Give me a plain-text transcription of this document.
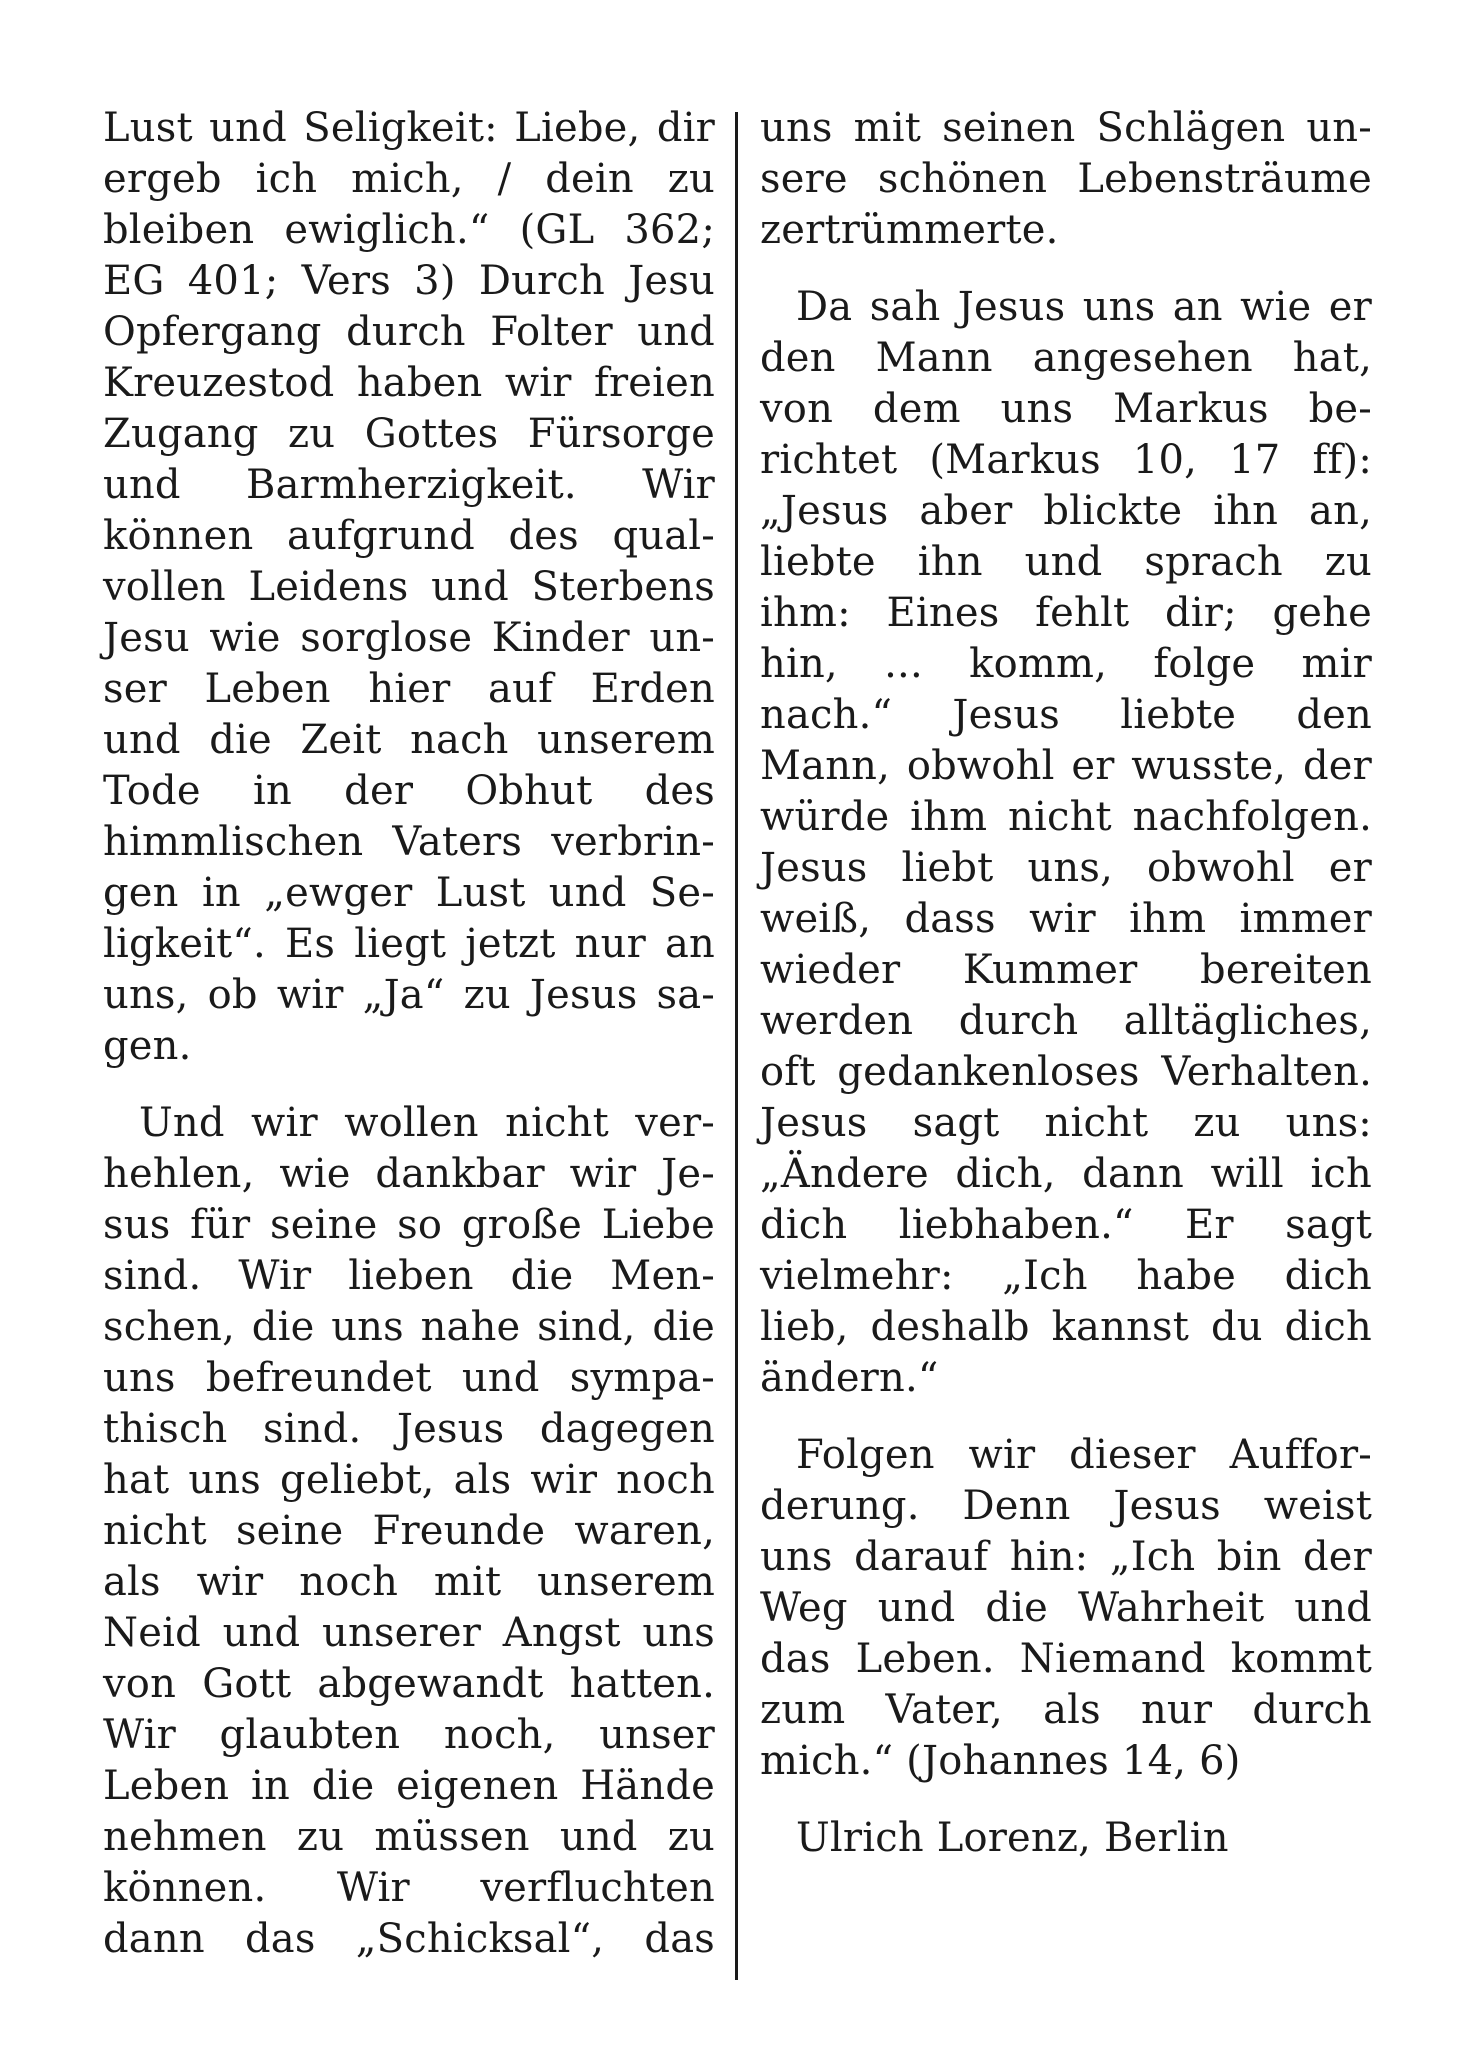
Lust und Seligkeit: Liebe, dir
ergeb ich mich, / dein zu
bleiben ewiglich.“ (GL 362;
EG 401; Vers 3) Durch Jesu
Opfergang durch Folter und
Kreuzestod haben wir freien
Zugang zu Gottes Fürsorge
und Barmherzigkeit. Wir
können aufgrund des qual-
vollen Leidens und Sterbens
Jesu wie sorglose Kinder un-
ser Leben hier auf Erden
und die Zeit nach unserem
Tode in der Obhut des
himmlischen Vaters verbrin-
gen in „ewger Lust und Se-
ligkeit“. Es liegt jetzt nur an
uns, ob wir „Ja“ zu Jesus sa-
gen.
Und wir wollen nicht ver-
hehlen, wie dankbar wir Je-
sus für seine so große Liebe
sind. Wir lieben die Men-
schen, die uns nahe sind, die
uns befreundet und sympa-
thisch sind. Jesus dagegen
hat uns geliebt, als wir noch
nicht seine Freunde waren,
als wir noch mit unserem
Neid und unserer Angst uns
von Gott abgewandt hatten.
Wir glaubten noch, unser
Leben in die eigenen Hände
nehmen zu müssen und zu
können. Wir verfluchten
dann das „Schicksal“, das
uns mit seinen Schlägen un-
sere schönen Lebensträume
zertrümmerte.
Da sah Jesus uns an wie er
den Mann angesehen hat,
von dem uns Markus be-
richtet (Markus 10, 17 ff):
„Jesus aber blickte ihn an,
liebte ihn und sprach zu
ihm: Eines fehlt dir; gehe
hin, ... komm, folge mir
nach.“ Jesus liebte den
Mann, obwohl er wusste, der
würde ihm nicht nachfolgen.
Jesus liebt uns, obwohl er
weiß, dass wir ihm immer
wieder Kummer bereiten
werden durch alltägliches,
oft gedankenloses Verhalten.
Jesus sagt nicht zu uns:
„Ändere dich, dann will ich
dich liebhaben.“ Er sagt
vielmehr: „Ich habe dich
lieb, deshalb kannst du dich
ändern.“
Folgen wir dieser Auffor-
derung. Denn Jesus weist
uns darauf hin: „Ich bin der
Weg und die Wahrheit und
das Leben. Niemand kommt
zum Vater, als nur durch
mich.“ (Johannes 14, 6)
Ulrich Lorenz, Berlin
